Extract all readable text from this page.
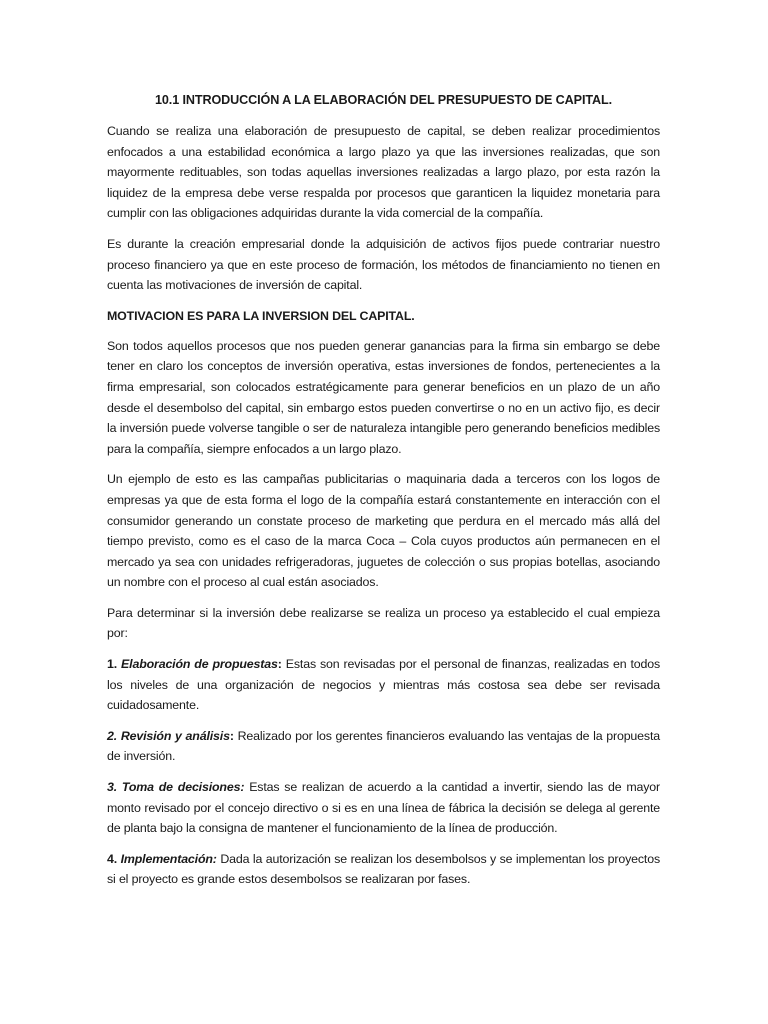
10.1 INTRODUCCIÓN A LA ELABORACIÓN DEL PRESUPUESTO DE CAPITAL.

Cuando se realiza una elaboración de presupuesto de capital, se deben realizar procedimientos enfocados a una estabilidad económica a largo plazo ya que las inversiones realizadas, que son mayormente redituables, son todas aquellas inversiones realizadas a largo plazo, por esta razón la liquidez de la empresa debe verse respalda por procesos que garanticen la liquidez monetaria para cumplir con las obligaciones adquiridas durante la vida comercial de la compañía.

Es durante la creación empresarial donde la adquisición de activos fijos puede contrariar nuestro proceso financiero ya que en este proceso de formación, los métodos de financiamiento no tienen en cuenta las motivaciones de inversión de capital.

MOTIVACION ES PARA LA INVERSION DEL CAPITAL.

Son todos aquellos procesos que nos pueden generar ganancias para la firma sin embargo se debe tener en claro los conceptos de inversión operativa, estas inversiones de fondos, pertenecientes a la firma empresarial, son colocados estratégicamente para generar beneficios en un plazo de un año desde el desembolso del capital, sin embargo estos pueden convertirse o no en un activo fijo, es decir la inversión puede volverse tangible o ser de naturaleza intangible pero generando beneficios medibles para la compañía, siempre enfocados a un largo plazo.

Un ejemplo de esto es las campañas publicitarias o maquinaria dada a terceros con los logos de empresas ya que de esta forma el logo de la compañía estará constantemente en interacción con el consumidor generando un constate proceso de marketing que perdura en el mercado más allá del tiempo previsto, como es el caso de la marca Coca – Cola cuyos productos aún permanecen en el mercado ya sea con unidades refrigeradoras, juguetes de colección o sus propias botellas, asociando un nombre con el proceso al cual están asociados.

Para determinar si la inversión debe realizarse se realiza un proceso ya establecido el cual empieza por:

1. Elaboración de propuestas: Estas son revisadas por el personal de finanzas, realizadas en todos los niveles de una organización de negocios y mientras más costosa sea debe ser revisada cuidadosamente.

2. Revisión y análisis: Realizado por los gerentes financieros evaluando las ventajas de la propuesta de inversión.

3. Toma de decisiones: Estas se realizan de acuerdo a la cantidad a invertir, siendo las de mayor monto revisado por el concejo directivo o si es en una línea de fábrica la decisión se delega al gerente de planta bajo la consigna de mantener el funcionamiento de la línea de producción.

4. Implementación: Dada la autorización se realizan los desembolsos y se implementan los proyectos si el proyecto es grande estos desembolsos se realizaran por fases.
